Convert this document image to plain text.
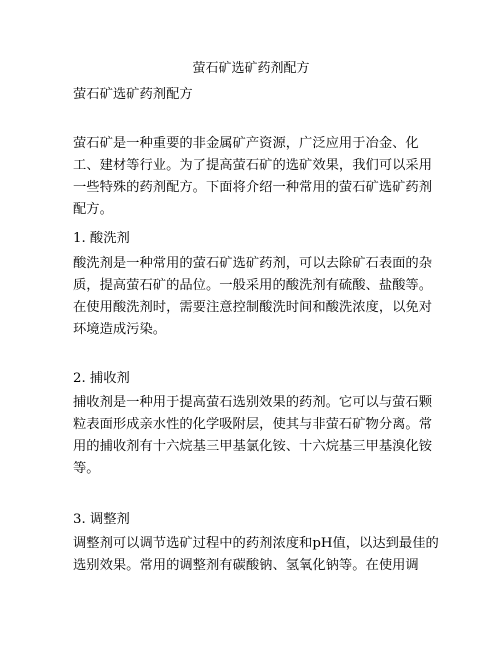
萤石矿选矿药剂配方
萤石矿选矿药剂配方
萤石矿是一种重要的非金属矿产资源，广泛应用于冶金、化工、建材等行业。为了提高萤石矿的选矿效果，我们可以采用一些特殊的药剂配方。下面将介绍一种常用的萤石矿选矿药剂配方。
1. 酸洗剂
酸洗剂是一种常用的萤石矿选矿药剂，可以去除矿石表面的杂质，提高萤石矿的品位。一般采用的酸洗剂有硫酸、盐酸等。在使用酸洗剂时，需要注意控制酸洗时间和酸洗浓度，以免对环境造成污染。
2. 捕收剂
捕收剂是一种用于提高萤石选别效果的药剂。它可以与萤石颗粒表面形成亲水性的化学吸附层，使其与非萤石矿物分离。常用的捕收剂有十六烷基三甲基氯化铵、十六烷基三甲基溴化铵等。
3. 调整剂
调整剂可以调节选矿过程中的药剂浓度和pH值，以达到最佳的选别效果。常用的调整剂有碳酸钠、氢氧化钠等。在使用调
